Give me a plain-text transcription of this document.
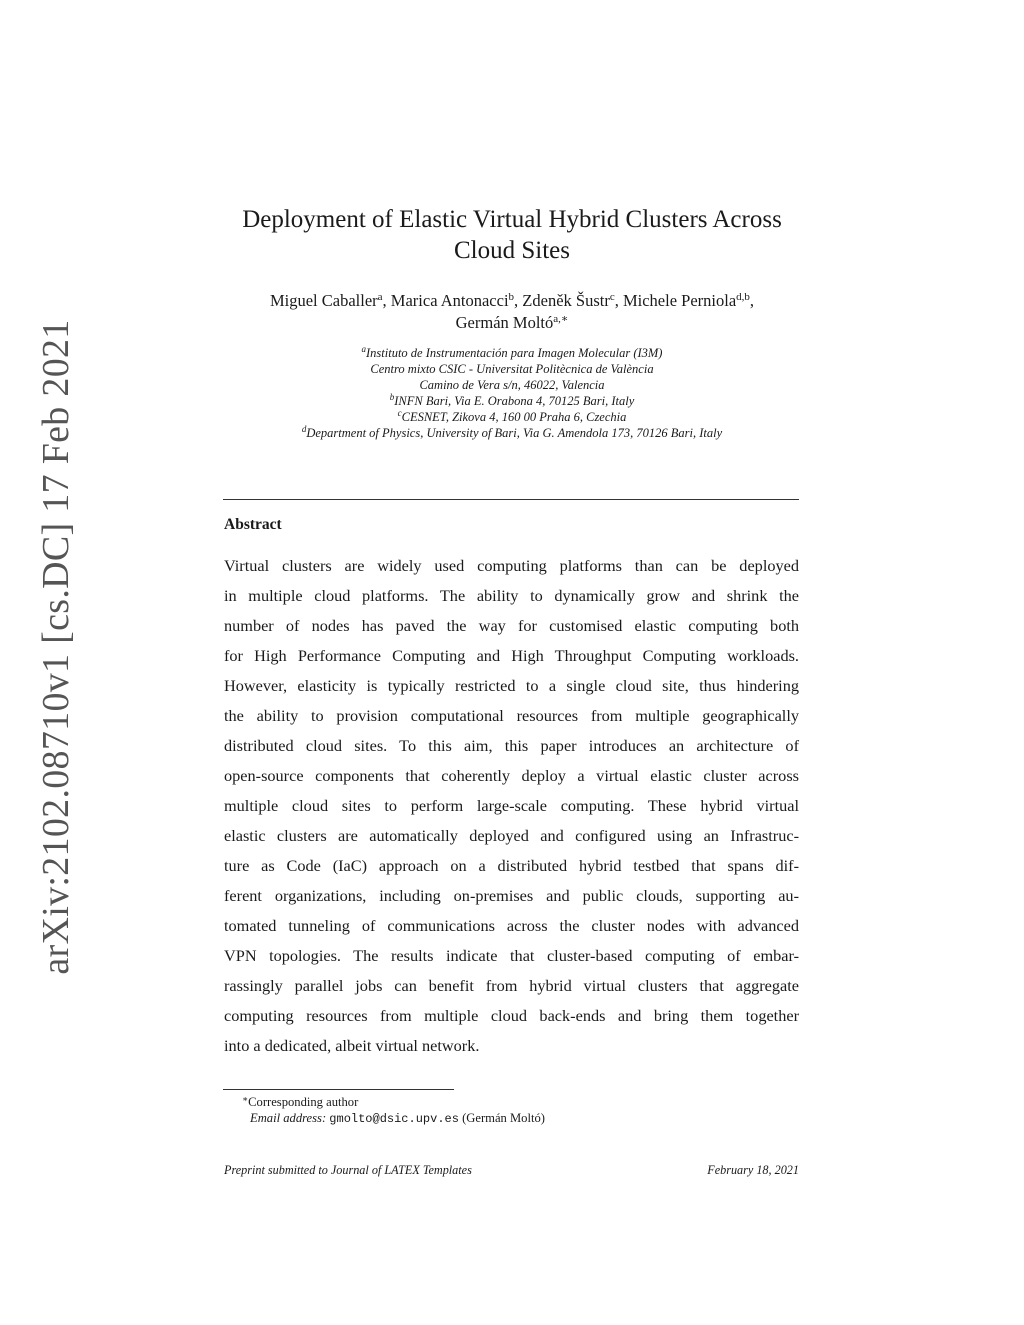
arXiv:2102.08710v1 [cs.DC] 17 Feb 2021
Deployment of Elastic Virtual Hybrid Clusters Across
Cloud Sites
Miguel Caballer$^a$, Marica Antonacci$^b$, Zdeněk Šustr$^c$, Michele Perniola$^{d,b}$,
Germán Moltó$^{a,∗}$
$^a$Instituto de Instrumentación para Imagen Molecular (I3M)
Centro mixto CSIC - Universitat Politècnica de València
Camino de Vera s/n, 46022, Valencia
$^b$INFN Bari, Via E. Orabona 4, 70125 Bari, Italy
$^c$CESNET, Zikova 4, 160 00 Praha 6, Czechia
$^d$Department of Physics, University of Bari, Via G. Amendola 173, 70126 Bari, Italy
Abstract
Virtual clusters are widely used computing platforms than can be deployed
in multiple cloud platforms. The ability to dynamically grow and shrink the
number of nodes has paved the way for customised elastic computing both
for High Performance Computing and High Throughput Computing workloads.
However, elasticity is typically restricted to a single cloud site, thus hindering
the ability to provision computational resources from multiple geographically
distributed cloud sites. To this aim, this paper introduces an architecture of
open-source components that coherently deploy a virtual elastic cluster across
multiple cloud sites to perform large-scale computing. These hybrid virtual
elastic clusters are automatically deployed and configured using an Infrastruc-
ture as Code (IaC) approach on a distributed hybrid testbed that spans dif-
ferent organizations, including on-premises and public clouds, supporting au-
tomated tunneling of communications across the cluster nodes with advanced
VPN topologies. The results indicate that cluster-based computing of embar-
rassingly parallel jobs can benefit from hybrid virtual clusters that aggregate
computing resources from multiple cloud back-ends and bring them together
into a dedicated, albeit virtual network.
∗Corresponding author
Email address: gmolto@dsic.upv.es (Germán Moltó)
Preprint submitted to Journal of LATEX Templates	February 18, 2021
